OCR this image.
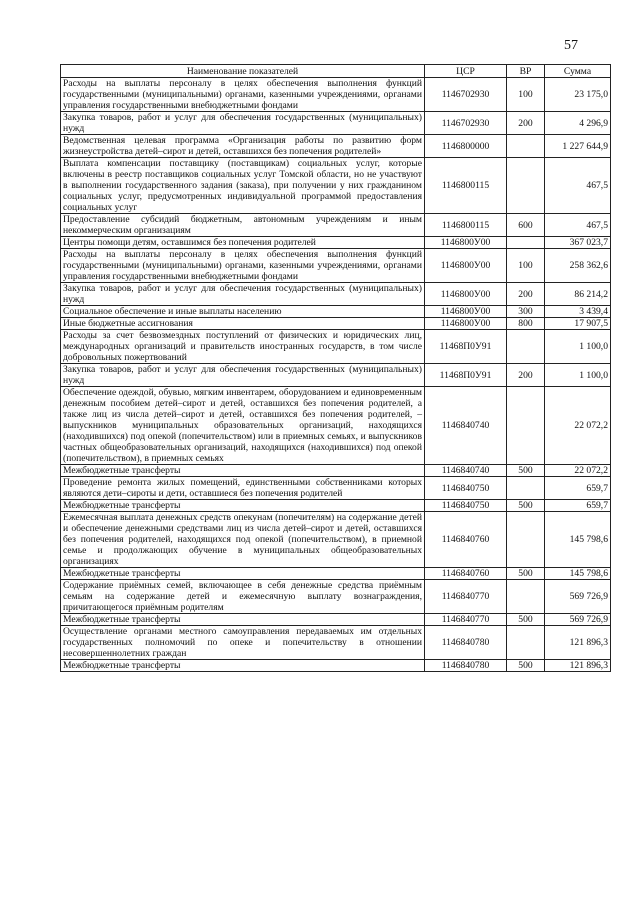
57
Наименование показателей	ЦСР	ВР	Сумма
Расходы на выплаты персоналу в целях обеспечения выполнения функций государственными (муниципальными) органами, казенными учреждениями, органами управления государственными внебюджетными фондами	1146702930	100	23 175,0
Закупка товаров, работ и услуг для обеспечения государственных (муниципальных) нужд	1146702930	200	4 296,9
Ведомственная целевая программа «Организация работы по развитию форм жизнеустройства детей–сирот и детей, оставшихся без попечения родителей»	1146800000		1 227 644,9
Выплата компенсации поставщику (поставщикам) социальных услуг, которые включены в реестр поставщиков социальных услуг Томской области, но не участвуют в выполнении государственного задания (заказа), при получении у них гражданином социальных услуг, предусмотренных индивидуальной программой предоставления социальных услуг	1146800115		467,5
Предоставление субсидий бюджетным, автономным учреждениям и иным некоммерческим организациям	1146800115	600	467,5
Центры помощи детям, оставшимся без попечения родителей	1146800У00		367 023,7
Расходы на выплаты персоналу в целях обеспечения выполнения функций государственными (муниципальными) органами, казенными учреждениями, органами управления государственными внебюджетными фондами	1146800У00	100	258 362,6
Закупка товаров, работ и услуг для обеспечения государственных (муниципальных) нужд	1146800У00	200	86 214,2
Социальное обеспечение и иные выплаты населению	1146800У00	300	3 439,4
Иные бюджетные ассигнования	1146800У00	800	17 907,5
Расходы за счет безвозмездных поступлений от физических и юридических лиц, международных организаций и правительств иностранных государств, в том числе добровольных пожертвований	11468П0У91		1 100,0
Закупка товаров, работ и услуг для обеспечения государственных (муниципальных) нужд	11468П0У91	200	1 100,0
Обеспечение одеждой, обувью, мягким инвентарем, оборудованием и единовременным денежным пособием детей–сирот и детей, оставшихся без попечения родителей, а также лиц из числа детей–сирот и детей, оставшихся без попечения родителей, – выпускников муниципальных образовательных организаций, находящихся (находившихся) под опекой (попечительством) или в приемных семьях, и выпускников частных общеобразовательных организаций, находящихся (находившихся) под опекой (попечительством), в приемных семьях	1146840740		22 072,2
Межбюджетные трансферты	1146840740	500	22 072,2
Проведение ремонта жилых помещений, единственными собственниками которых являются дети–сироты и дети, оставшиеся без попечения родителей	1146840750		659,7
Межбюджетные трансферты	1146840750	500	659,7
Ежемесячная выплата денежных средств опекунам (попечителям) на содержание детей и обеспечение денежными средствами лиц из числа детей–сирот и детей, оставшихся без попечения родителей, находящихся под опекой (попечительством), в приемной семье и продолжающих обучение в муниципальных общеобразовательных организациях	1146840760		145 798,6
Межбюджетные трансферты	1146840760	500	145 798,6
Содержание приёмных семей, включающее в себя денежные средства приёмным семьям на содержание детей и ежемесячную выплату вознаграждения, причитающегося приёмным родителям	1146840770		569 726,9
Межбюджетные трансферты	1146840770	500	569 726,9
Осуществление органами местного самоуправления передаваемых им отдельных государственных полномочий по опеке и попечительству в отношении несовершеннолетних граждан	1146840780		121 896,3
Межбюджетные трансферты	1146840780	500	121 896,3
